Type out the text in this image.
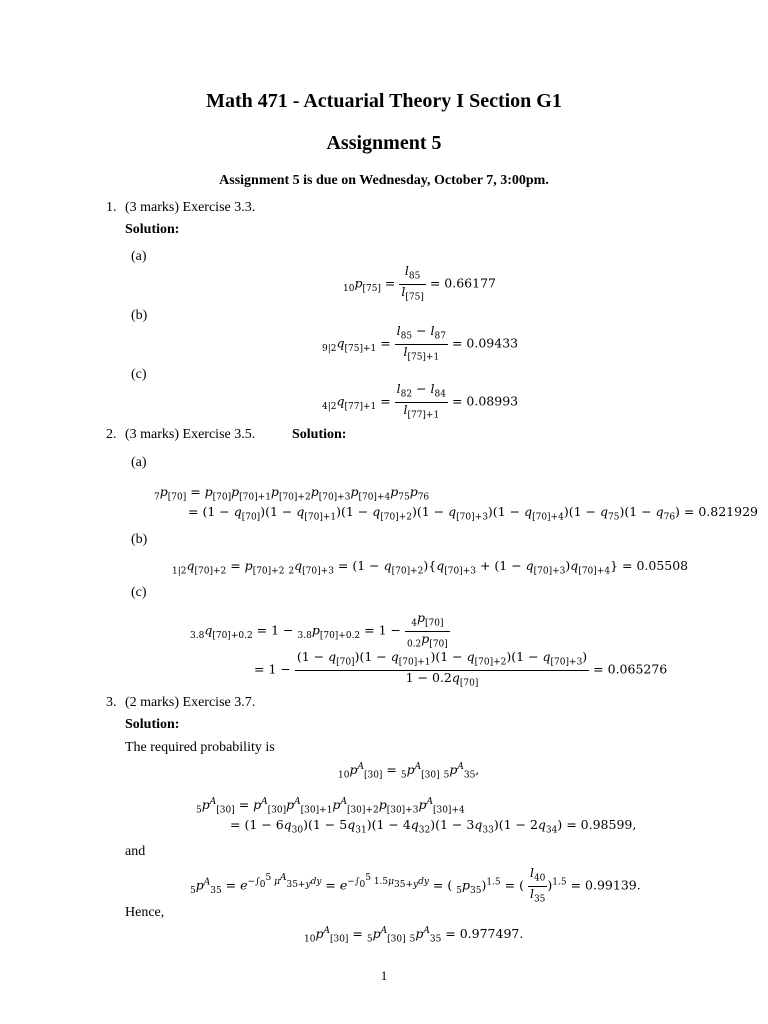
Math 471 - Actuarial Theory I Section G1
Assignment 5
Assignment 5 is due on Wednesday, October 7, 3:00pm.
1. (3 marks) Exercise 3.3.
Solution:
(a)
$_{10}p_{[75]} = \frac{l_{85}}{l_{[75]}} = 0.66177$
(b)
$_{9|2}q_{[75]+1} = \frac{l_{85} - l_{87}}{l_{[75]+1}} = 0.09433$
(c)
$_{4|2}q_{[77]+1} = \frac{l_{82} - l_{84}}{l_{[77]+1}} = 0.08993$
2. (3 marks) Exercise 3.5.	Solution:
(a)
$_7p_{[70]} = p_{[70]}p_{[70]+1}p_{[70]+2}p_{[70]+3}p_{[70]+4}p_{75}p_{76}$
= $(1 - q_{[70]})(1 - q_{[70]+1})(1 - q_{[70]+2})(1 - q_{[70]+3})(1 - q_{[70]+4})(1 - q_{75})(1 - q_{76}) = 0.821929$
(b)
$_{1|2}q_{[70]+2} = p_{[70]+2}$ $_2q_{[70]+3} = (1 - q_{[70]+2})\{q_{[70]+3} + (1 - q_{[70]+3})q_{[70]+4}\} = 0.05508$
(c)
$_{3.8}q_{[70]+0.2} = 1 - _{3.8}p_{[70]+0.2} = 1 - \frac{_4p_{[70]}}{_{0.2}p_{[70]}}$
= $1 - \frac{(1 - q_{[70]})(1 - q_{[70]+1})(1 - q_{[70]+2})(1 - q_{[70]+3})}{1 - 0.2q_{[70]}} = 0.065276$
3. (2 marks) Exercise 3.7.
Solution:
The required probability is
$_{10}p^A_{[30]} = _5p^A_{[30]}$ $_5p^A_{35}$,
$_5p^A_{[30]} = p^A_{[30]}p^A_{[30]+1}p^A_{[30]+2}p_{[30]+3}p^A_{[30]+4}$
= $(1 - 6q_{30})(1 - 5q_{31})(1 - 4q_{32})(1 - 3q_{33})(1 - 2q_{34}) = 0.98599$,
and
$_5p^A_{35} = e^{-\int_0^5 \mu^A_{35+y}dy} = e^{-\int_0^5 1.5\mu_{35+y}dy}$ = ( $_5p_{35})^{1.5}$ = ( $\frac{l_{40}}{l_{35}} )^{1.5} = 0.99139$.
Hence,
$_{10}p^A_{[30]} = _5p^A_{[30]}$ $_5p^A_{35} = 0.977497$.
1
